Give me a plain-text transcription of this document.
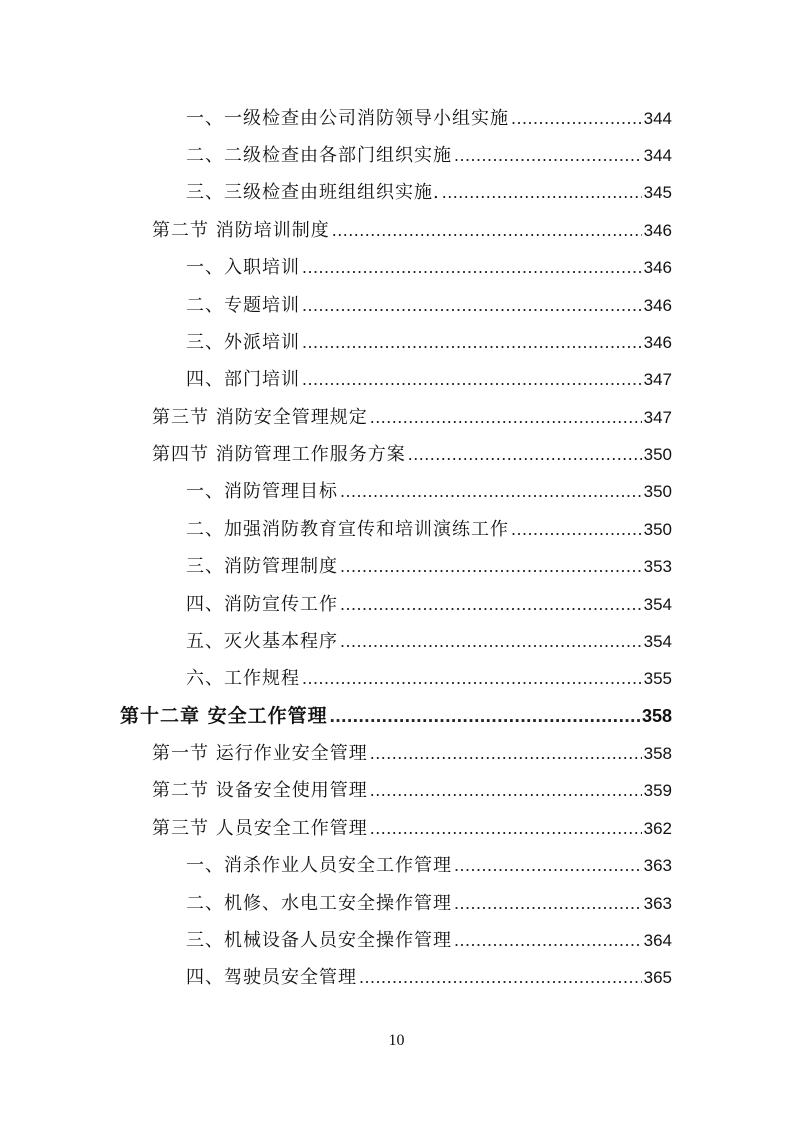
一、一级检查由公司消防领导小组实施 .....	344
二、二级检查由各部门组织实施 .....	344
三、三级检查由班组组织实施. .....	345
第二节 消防培训制度 .....	346
一、入职培训 .....	346
二、专题培训 .....	346
三、外派培训 .....	346
四、部门培训 .....	347
第三节 消防安全管理规定 .....	347
第四节 消防管理工作服务方案 .....	350
一、消防管理目标 .....	350
二、加强消防教育宣传和培训演练工作 .....	350
三、消防管理制度 .....	353
四、消防宣传工作 .....	354
五、灭火基本程序 .....	354
六、工作规程 .....	355
第十二章 安全工作管理 .....	358
第一节 运行作业安全管理 .....	358
第二节 设备安全使用管理 .....	359
第三节 人员安全工作管理 .....	362
一、消杀作业人员安全工作管理 .....	363
二、机修、水电工安全操作管理 .....	363
三、机械设备人员安全操作管理 .....	364
四、驾驶员安全管理 .....	365
10
